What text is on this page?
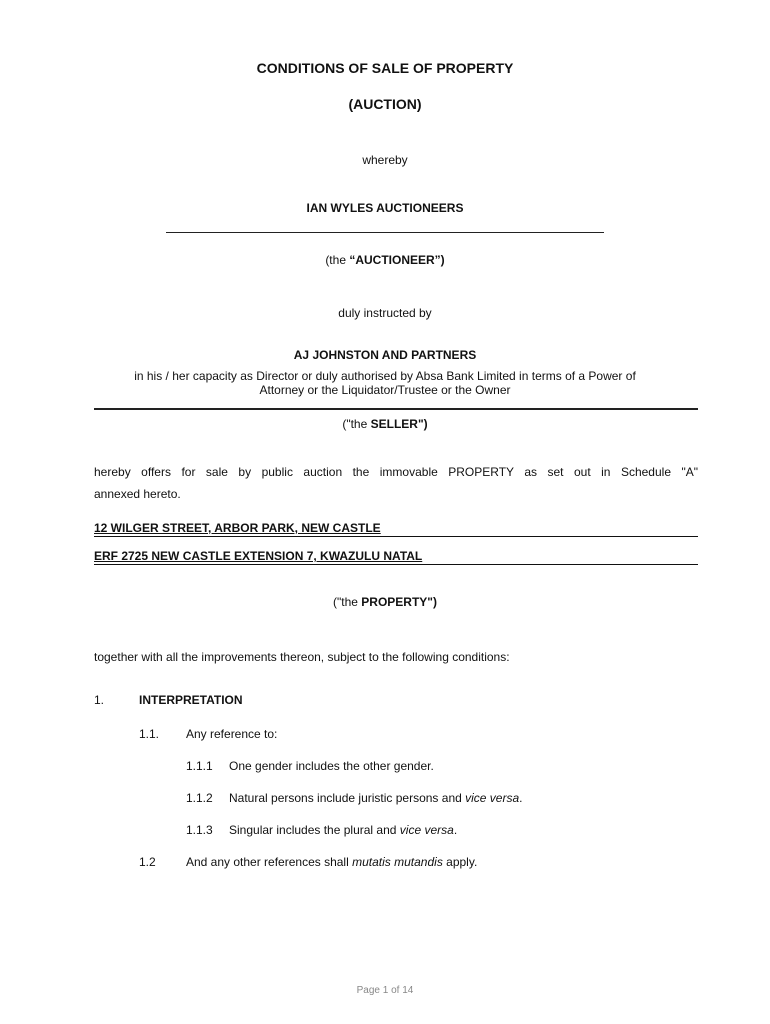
CONDITIONS OF SALE OF PROPERTY
(AUCTION)
whereby
IAN WYLES AUCTIONEERS
(the “AUCTIONEER”)
duly instructed by
AJ JOHNSTON AND PARTNERS
in his / her capacity as Director or duly authorised by Absa Bank Limited in terms of a Power of
Attorney or the Liquidator/Trustee or the Owner
("the SELLER")
hereby offers for sale by public auction the immovable PROPERTY as set out in Schedule "A"
annexed hereto.
12 WILGER STREET, ARBOR PARK, NEW CASTLE
ERF 2725 NEW CASTLE EXTENSION 7, KWAZULU NATAL
("the PROPERTY")
together with all the improvements thereon, subject to the following conditions:
1.	INTERPRETATION
1.1. Any reference to:
1.1.1 One gender includes the other gender.
1.1.2 Natural persons include juristic persons and vice versa.
1.1.3 Singular includes the plural and vice versa.
1.2	And any other references shall mutatis mutandis apply.
Page 1 of 14
